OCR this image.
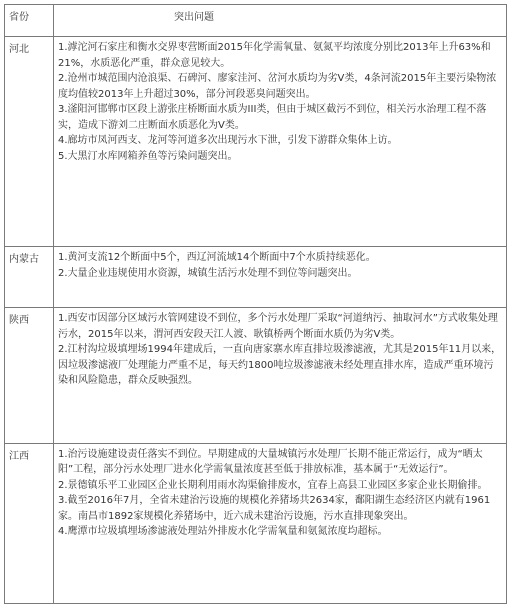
省份	突出问题
河北	1.滹沱河石家庄和衡水交界枣营断面2015年化学需氧量、氨氮平均浓度分别比2013年上升63%和21%，水质恶化严重，群众意见较大。

2.沧州市城范围内沧浪渠、石碑河、廖家洼河、岔河水质均为劣V类，4条河流2015年主要污染物浓度均值较2013年上升超过30%，部分河段恶臭问题突出。

3.滏阳河邯郸市区段上游张庄桥断面水质为III类，但由于城区截污不到位，相关污水治理工程不落实，造成下游刘二庄断面水质恶化为V类。

4.廊坊市凤河西支、龙河等河道多次出现污水下泄，引发下游群众集体上访。

5.大黑汀水库网箱养鱼等污染问题突出。

内蒙古	1.黄河支流12个断面中5个，西辽河流域14个断面中7个水质持续恶化。

2.大量企业违规使用水资源，城镇生活污水处理不到位等问题突出。

陕西	1.西安市因部分区域污水管网建设不到位，多个污水处理厂采取“河道纳污、抽取河水”方式收集处理污水，2015年以来，渭河西安段天江人渡、耿镇桥两个断面水质仍为劣V类。

2.江村沟垃圾填埋场1994年建成后，一直向唐家寨水库直排垃圾渗滤液，尤其是2015年11月以来，因垃圾渗滤液厂处理能力严重不足，每天约1800吨垃圾渗滤液未经处理直排水库，造成严重环境污染和风险隐患，群众反映强烈。

江西	1.治污设施建设责任落实不到位。早期建成的大量城镇污水处理厂长期不能正常运行，成为“晒太阳”工程，部分污水处理厂进水化学需氧量浓度甚至低于排放标准，基本属于“无效运行”。

2.景德镇乐平工业园区企业长期利用雨水沟渠偷排废水，宜春上高县工业园区多家企业长期偷排。

3.截至2016年7月，全省未建治污设施的规模化养猪场共2634家，鄱阳湖生态经济区内就有1961家。南昌市1892家规模化养猪场中，近六成未建治污设施，污水直排现象突出。

4.鹰潭市垃圾填埋场渗滤液处理站外排废水化学需氧量和氨氮浓度均超标。
